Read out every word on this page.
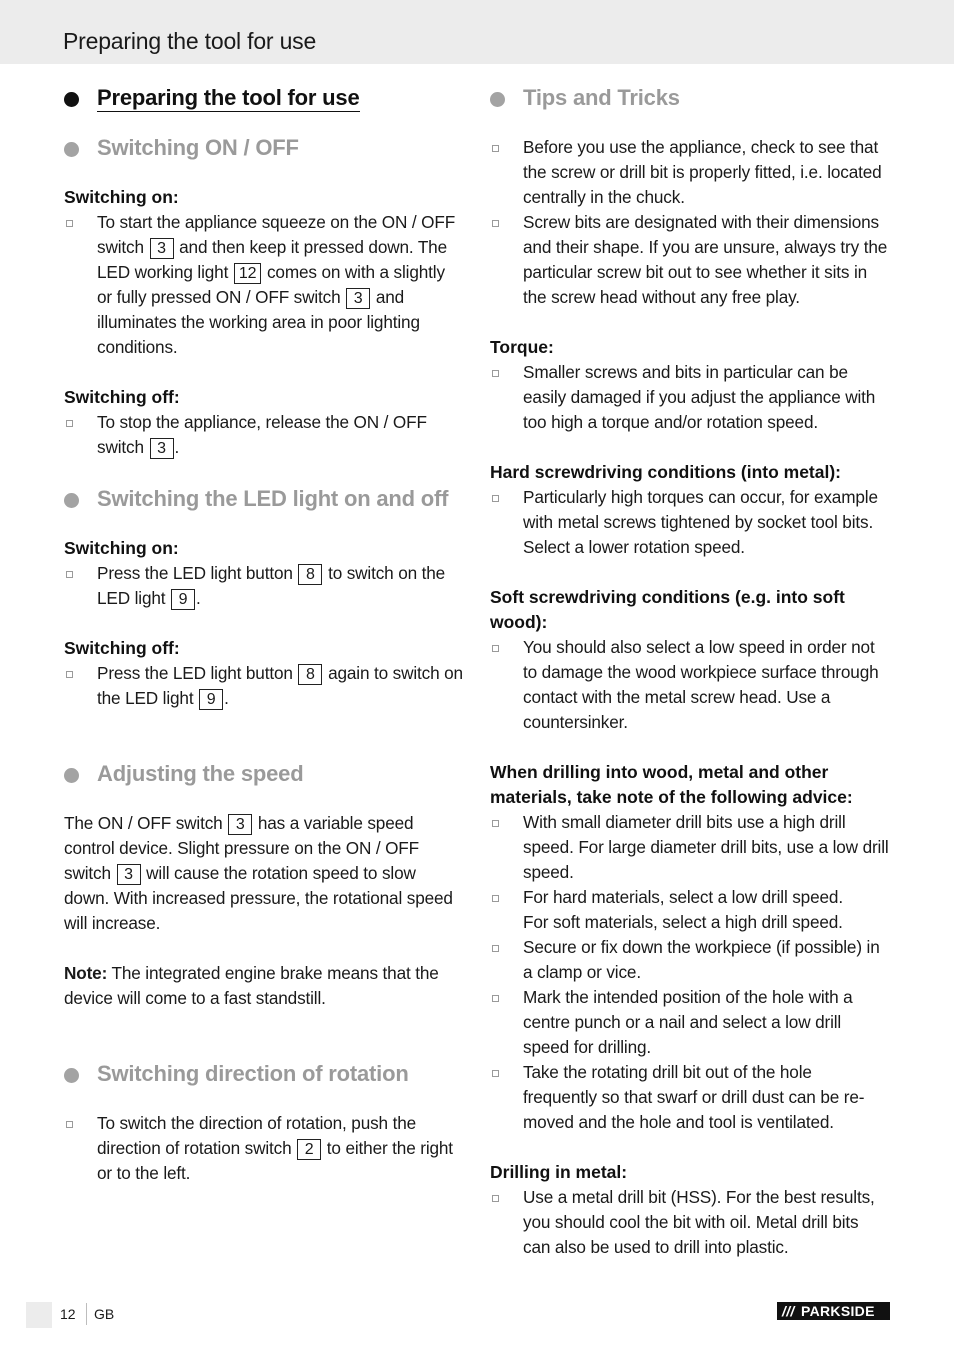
Preparing the tool for use
Preparing the tool for use
Switching ON / OFF
Switching on:
To start the appliance squeeze on the ON / OFF switch 3 and then keep it pressed down. The LED working light 12 comes on with a slightly or fully pressed ON / OFF switch 3 and illuminates the working area in poor lighting conditions.
Switching off:
To stop the appliance, release the ON / OFF switch 3 .
Switching the LED light on and off
Switching on:
Press the LED light button 8 to switch on the LED light 9 .
Switching off:
Press the LED light button 8 again to switch on the LED light 9 .
Adjusting the speed
The ON / OFF switch 3 has a variable speed control device. Slight pressure on the ON / OFF switch 3 will cause the rotation speed to slow down. With increased pressure, the rotational speed will increase.
Note: The integrated engine brake means that the device will come to a fast standstill.
Switching direction of rotation
To switch the direction of rotation, push the direction of rotation switch 2 to either the right or to the left.
Tips and Tricks
Before you use the appliance, check to see that the screw or drill bit is properly fitted, i.e. located centrally in the chuck.
Screw bits are designated with their dimensions and their shape. If you are unsure, always try the particular screw bit out to see whether it sits in the screw head without any free play.
Torque:
Smaller screws and bits in particular can be easily damaged if you adjust the appliance with too high a torque and/or rotation speed.
Hard screwdriving conditions (into metal):
Particularly high torques can occur, for example with metal screws tightened by socket tool bits. Select a lower rotation speed.
Soft screwdriving conditions (e.g. into soft wood):
You should also select a low speed in order not to damage the wood workpiece surface through contact with the metal screw head. Use a countersinker.
When drilling into wood, metal and other materials, take note of the following advice:
With small diameter drill bits use a high drill speed. For large diameter drill bits, use a low drill speed.
For hard materials, select a low drill speed.
For soft materials, select a high drill speed.
Secure or fix down the workpiece (if possible) in a clamp or vice.
Mark the intended position of the hole with a centre punch or a nail and select a low drill speed for drilling.
Take the rotating drill bit out of the hole frequently so that swarf or drill dust can be re-moved and the hole and tool is ventilated.
Drilling in metal:
Use a metal drill bit (HSS). For the best results, you should cool the bit with oil. Metal drill bits can also be used to drill into plastic.
12 GB	/// PARKSIDE
